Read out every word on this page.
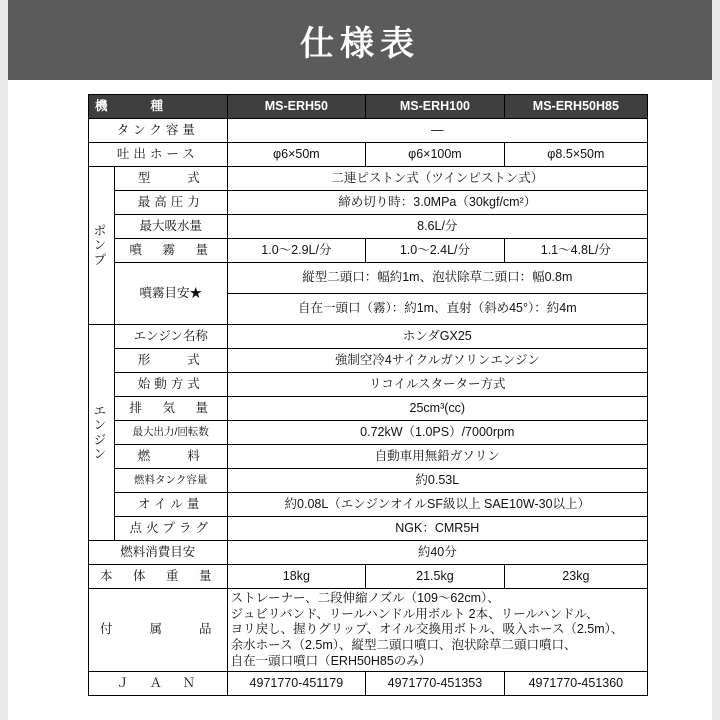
仕様表
機　　種		MS-ERH50	MS-ERH100	MS-ERH50H85
タンク容量		—		
吐出ホース		φ6×50m	φ6×100m	φ8.5×50m

ポンプ	型　　式	二連ピストン式（ツインピストン式）		
	最高圧力	締め切り時：3.0MPa（30kgf/cm²）		
	最大吸水量	8.6L/分		
	噴　霧　量	1.0〜2.9L/分	1.0〜2.4L/分	1.1〜4.8L/分
	噴霧目安★	縦型二頭口：幅約1m、泡状除草二頭口：幅0.8m		
		自在一頭口（霧）：約1m、直射（斜め45°）：約4m		

エンジン	エンジン名称	ホンダGX25		
	形　　式	強制空冷4サイクルガソリンエンジン		
	始動方式	リコイルスターター方式		
	排　気　量	25cm³(cc)		
	最大出力/回転数	0.72kW（1.0PS）/7000rpm		
	燃　　料	自動車用無鉛ガソリン		
	燃料タンク容量	約0.53L		
	オイル量	約0.08L（エンジンオイルSF級以上 SAE10W-30以上）		
	点火プラグ	NGK：CMR5H		
燃料消費目安		約40分		
本　体　重　量		18kg	21.5kg	23kg
付　　属　　品		ストレーナー、二段伸縮ノズル（109〜62cm）、
ジュビリバンド、リールハンドル用ボルト 2本、リールハンドル、
ヨリ戻し、握りグリップ、オイル交換用ボトル、吸入ホース（2.5m）、
余水ホース（2.5m）、縦型二頭口噴口、泡状除草二頭口噴口、
自在一頭口噴口（ERH50H85のみ）		

Ｊ　Ａ　Ｎ		4971770-451179	4971770-451353	4971770-451360
